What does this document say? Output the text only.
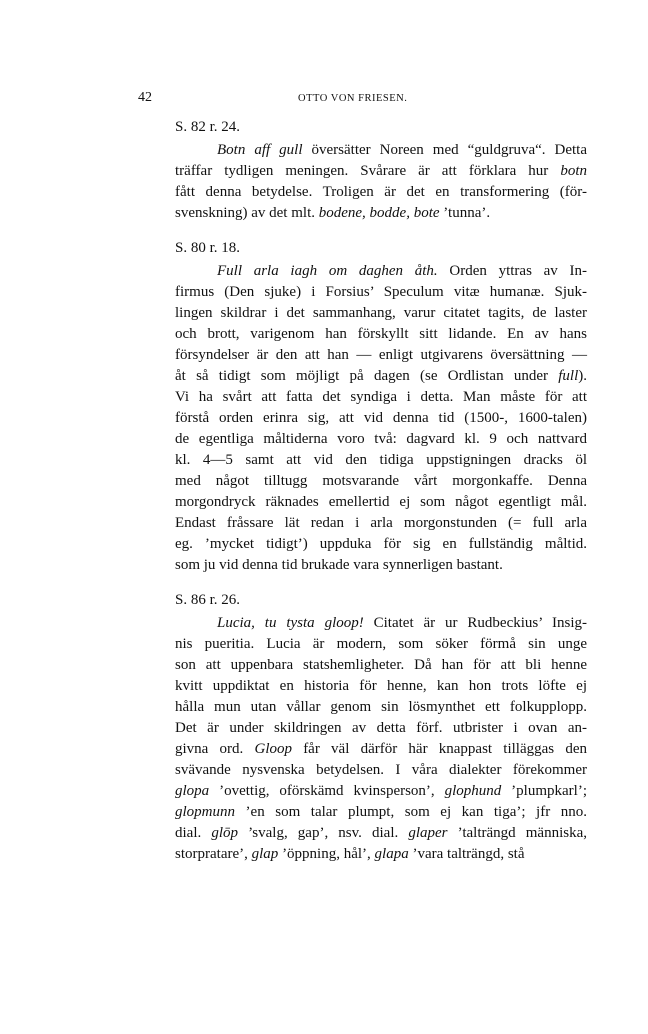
42	OTTO VON FRIESEN.
S. 82 r. 24.
Botn aff gull översätter Noreen med “guldgruva“. Detta
träffar tydligen meningen. Svårare är att förklara hur botn
fått denna betydelse. Troligen är det en transformering (för-
svenskning) av det mlt. bodene, bodde, bote ’tunna’.
S. 80 r. 18.
Full arla iagh om daghen åth. Orden yttras av In-
firmus (Den sjuke) i Forsius’ Speculum vitæ humanæ. Sjuk-
lingen skildrar i det sammanhang, varur citatet tagits, de laster
och brott, varigenom han förskyllt sitt lidande. En av hans
försyndelser är den att han — enligt utgivarens översättning —
åt så tidigt som möjligt på dagen (se Ordlistan under full).
Vi ha svårt att fatta det syndiga i detta. Man måste för att
förstå orden erinra sig, att vid denna tid (1500-, 1600-talen)
de egentliga måltiderna voro två: dagvard kl. 9 och nattvard
kl. 4—5 samt att vid den tidiga uppstigningen dracks öl
med något tilltugg motsvarande vårt morgonkaffe. Denna
morgondryck räknades emellertid ej som något egentligt mål.
Endast fråssare lät redan i arla morgonstunden (= full arla
eg. ’mycket tidigt’) uppduka för sig en fullständig måltid.
som ju vid denna tid brukade vara synnerligen bastant.
S. 86 r. 26.
Lucia, tu tysta gloop! Citatet är ur Rudbeckius’ Insig-
nis pueritia. Lucia är modern, som söker förmå sin unge
son att uppenbara statshemligheter. Då han för att bli henne
kvitt uppdiktat en historia för henne, kan hon trots löfte ej
hålla mun utan vållar genom sin lösmynthet ett folkupplopp.
Det är under skildringen av detta förf. utbrister i ovan an-
givna ord. Gloop får väl därför här knappast tilläggas den
svävande nysvenska betydelsen. I våra dialekter förekommer
glopa ’ovettig, oförskämd kvinsperson’, glophund ’plumpkarl’;
glopmunn ’en som talar plumpt, som ej kan tiga’; jfr nno.
dial. glōp ’svalg, gap’, nsv. dial. glaper ’talträngd människa,
storpratare’, glap ’öppning, hål’, glapa ’vara talträngd, stå
